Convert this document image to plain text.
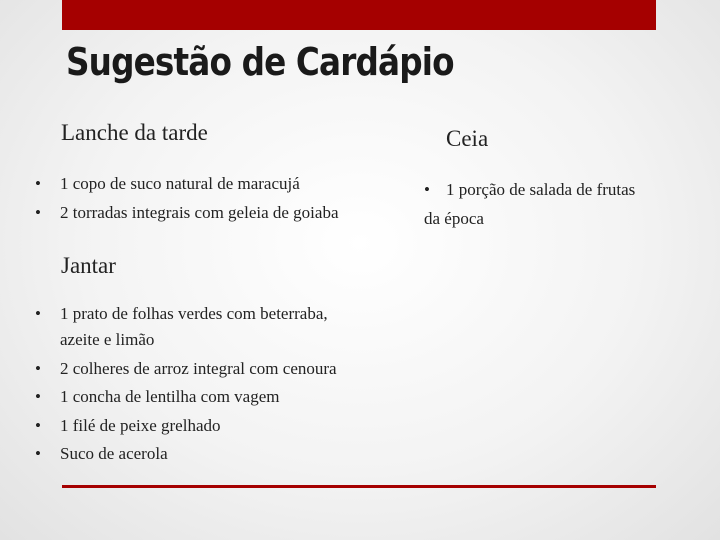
Sugestão de Cardápio
Lanche da tarde
• 1 copo de suco natural de maracujá
• 2 torradas integrais com geleia de goiaba
Ceia
• 1 porção de salada de frutas
da época
Jantar
• 1 prato de folhas verdes com beterraba,
azeite e limão
• 2 colheres de arroz integral com cenoura
• 1 concha de lentilha com vagem
• 1 filé de peixe grelhado
• Suco de acerola
